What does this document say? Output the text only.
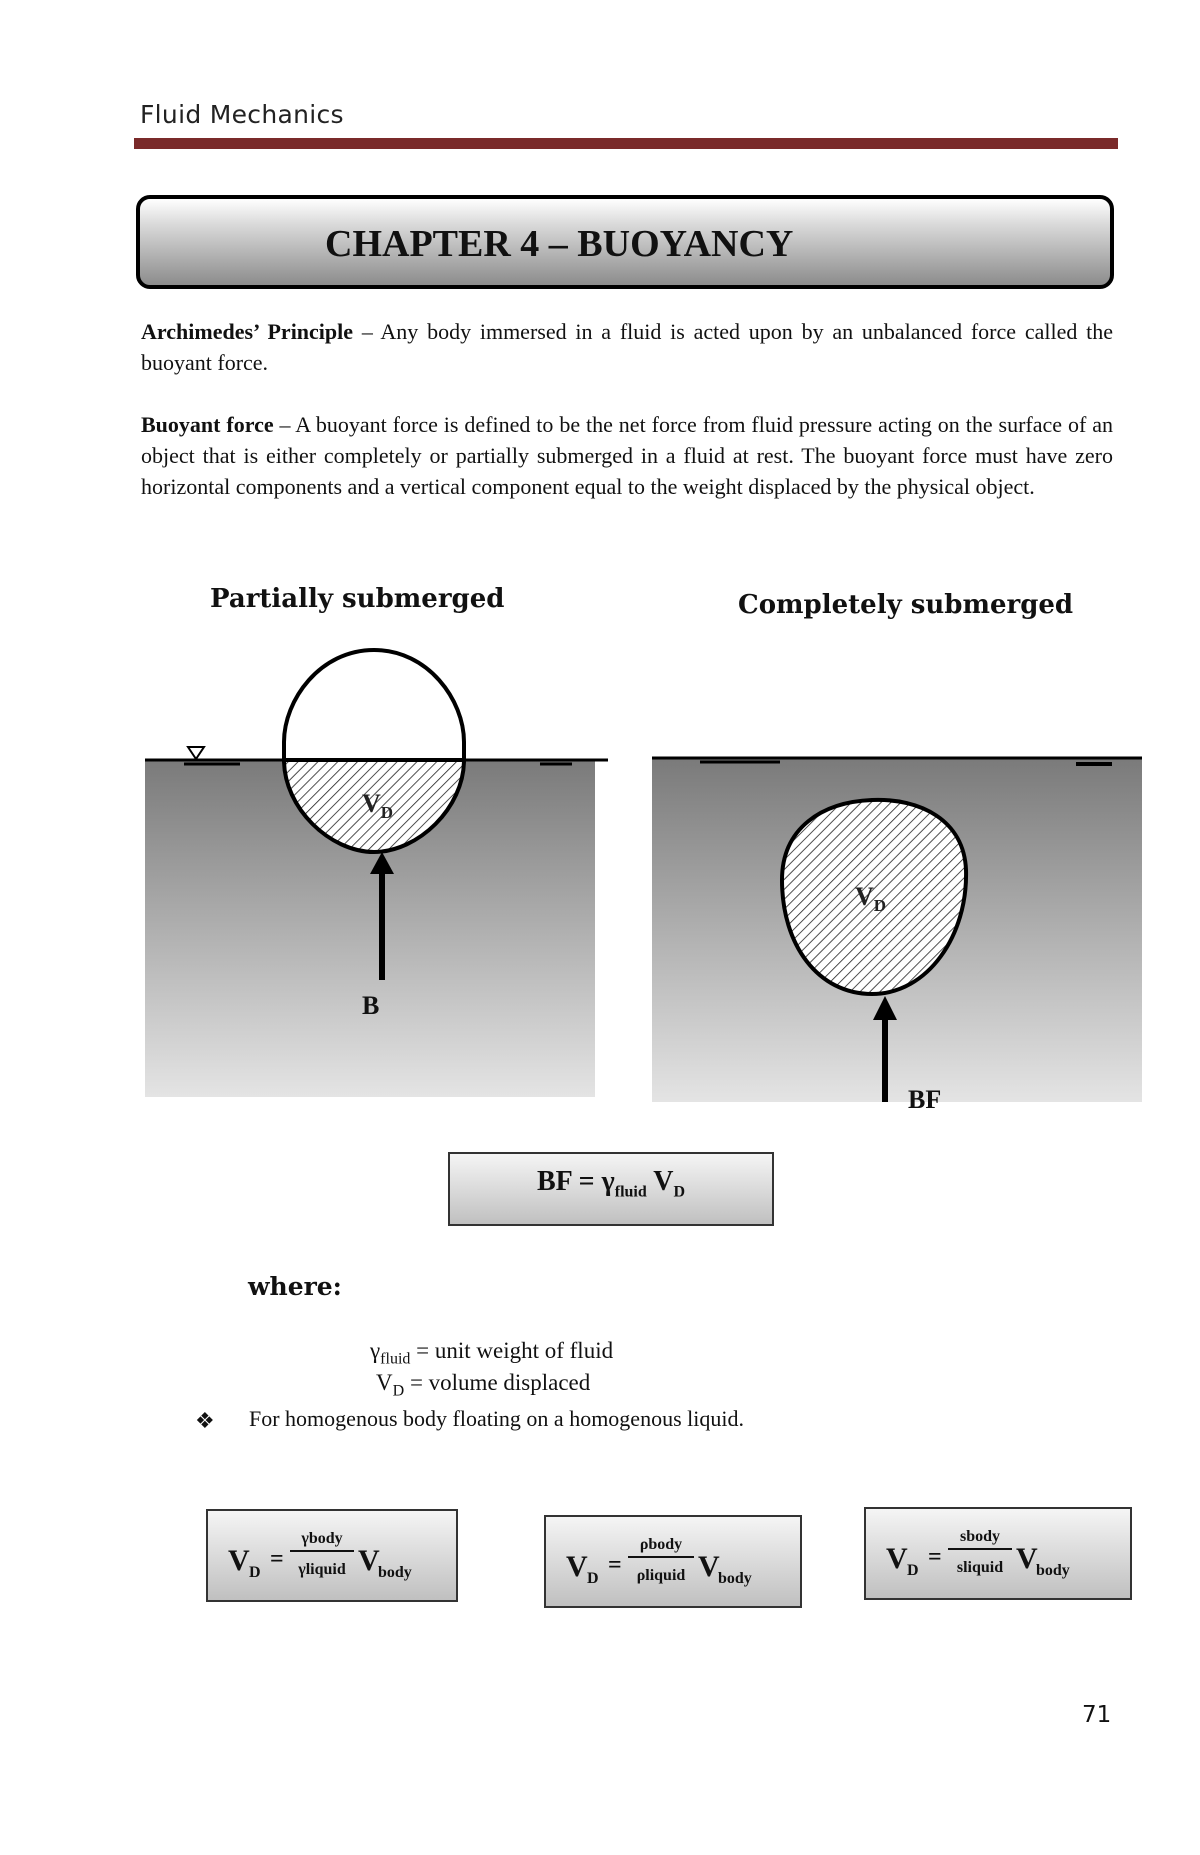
Fluid Mechanics
CHAPTER 4 – BUOYANCY
Archimedes’ Principle – Any body immersed in a fluid is acted upon by an unbalanced force called the buoyant force.
Buoyant force – A buoyant force is defined to be the net force from fluid pressure acting on the surface of an object that is either completely or partially submerged in a fluid at rest. The buoyant force must have zero horizontal components and a vertical component equal to the weight displaced by the physical object.
$V_D$
B
$V_D$
BF
Partially submerged	Completely submerged
BF = $\gamma_{fluid}$ $V_D$
where:
$\gamma_{fluid}$ = unit weight of fluid
$V_D$ = volume displaced
❖ For homogenous body floating on a homogenous liquid.
V D
=
γbody
γliquid V
body	V D
=
ρbody
ρliquid V
body
V D
=
sbody
sliquid V
body
71
